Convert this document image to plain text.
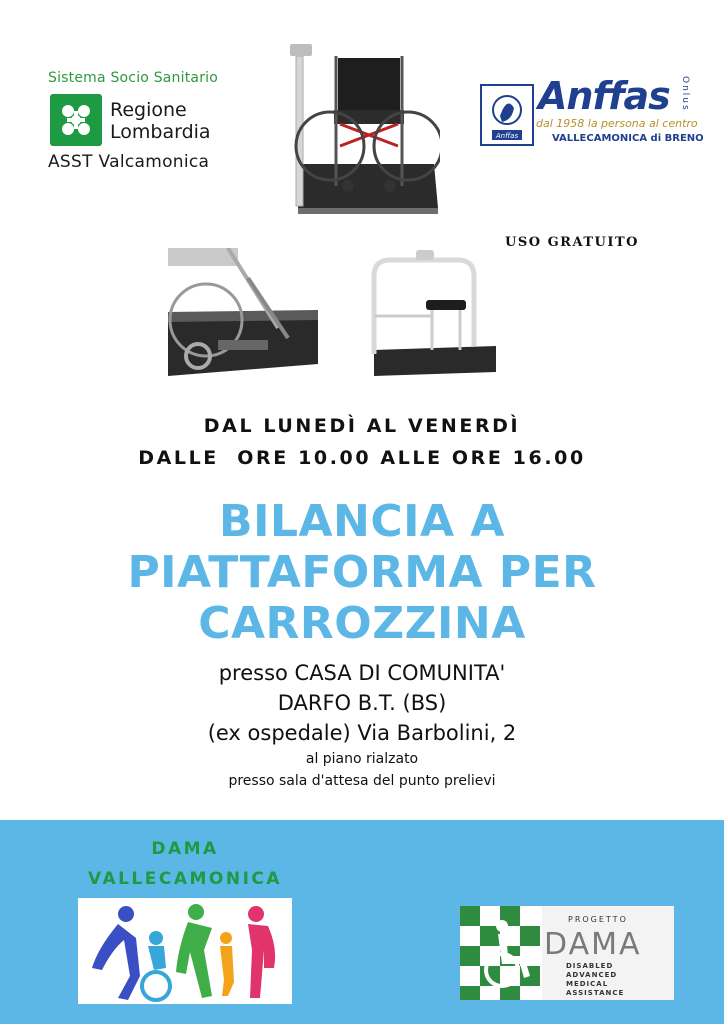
Sistema Socio Sanitario
Regione
Lombardia
ASST Valcamonica
Anffas
Anffas Onlus
dal 1958 la persona al centro
VALLECAMONICA di BRENO
USO GRATUITO
DAL LUNEDÌ AL VENERDÌ
DALLE  ORE 10.00 ALLE ORE 16.00
BILANCIA A
PIATTAFORMA PER
CARROZZINA
presso CASA DI COMUNITA'
DARFO B.T. (BS)
(ex ospedale) Via Barbolini, 2
al piano rialzato
presso sala d'attesa del punto prelievi
DAMA
VALLECAMONICA
PROGETTO
DAMA
DISABLED
ADVANCED
MEDICAL
ASSISTANCE
